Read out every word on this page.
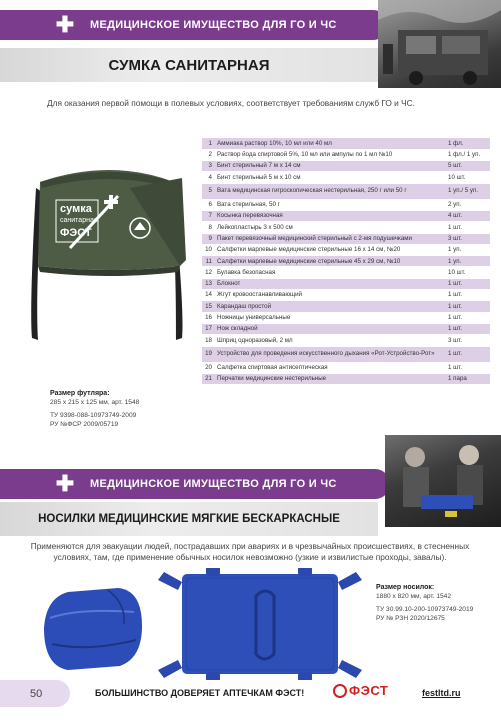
✚	МЕДИЦИНСКОЕ ИМУЩЕСТВО ДЛЯ ГО И ЧС
СУМКА САНИТАРНАЯ
Для оказания первой помощи в полевых условиях, соответствует требованиям служб ГО и ЧС.
сумка
санитарная
ФЭСТ
1	Аммиака раствор 10%, 10 мл или 40 мл	1 фл.
2	Раствор йода спиртовой 5%, 10 мл или ампулы по 1 мл №10	1 фл./ 1 уп.
3	Бинт стерильный 7 м х 14 см	5 шт.
4	Бинт стерильный 5 м х 10 см	10 шт.
5	Вата медицинская гигроскопическая нестерильная, 250 г или 50 г	1 уп./ 5 уп.
6	Вата стерильная, 50 г	2 уп.
7	Косынка перевязочная	4 шт.
8	Лейкопластырь 3 х 500 см	1 шт.
9	Пакет перевязочный медицинский стерильный с 2-мя подушечками	3 шт.
10	Салфетки марлевые медицинские стерильные 16 х 14 см, №20	1 уп.
11	Салфетки марлевые медицинские стерильные 45 х 29 см, №10	1 уп.
12	Булавка безопасная	10 шт.
13	Блокнот	1 шт.
14	Жгут кровоостанавливающий	1 шт.
15	Карандаш простой	1 шт.
16	Ножницы универсальные	1 шт.
17	Нож складной	1 шт.
18	Шприц одноразовый, 2 мл	3 шт.
19	Устройство для проведения искусственного дыхания «Рот-Устройство-Рот»	1 шт.
20	Салфетка спиртовая антисептическая	1 шт.
21	Перчатки медицинские нестерильные	1 пара
Размер футляра:
285 х 215 х 125 мм, арт. 1548
ТУ 9398-088-10973749-2009
РУ №ФСР 2009/05719
✚	МЕДИЦИНСКОЕ ИМУЩЕСТВО ДЛЯ ГО И ЧС
НОСИЛКИ МЕДИЦИНСКИЕ МЯГКИЕ БЕСКАРКАСНЫЕ
Применяются для эвакуации людей, пострадавших при авариях и в чрезвычайных происшествиях, в стесненных
условиях, там, где применение обычных носилок невозможно (узкие и извилистые проходы, завалы).
Размер носилок:
1880 х 820 мм, арт. 1542
ТУ 30.99.10-200-10973749-2019
РУ № РЗН 2020/12675
50	БОЛЬШИНСТВО ДОВЕРЯЕТ АПТЕЧКАМ ФЭСТ!	ФЭСТ	festltd.ru
